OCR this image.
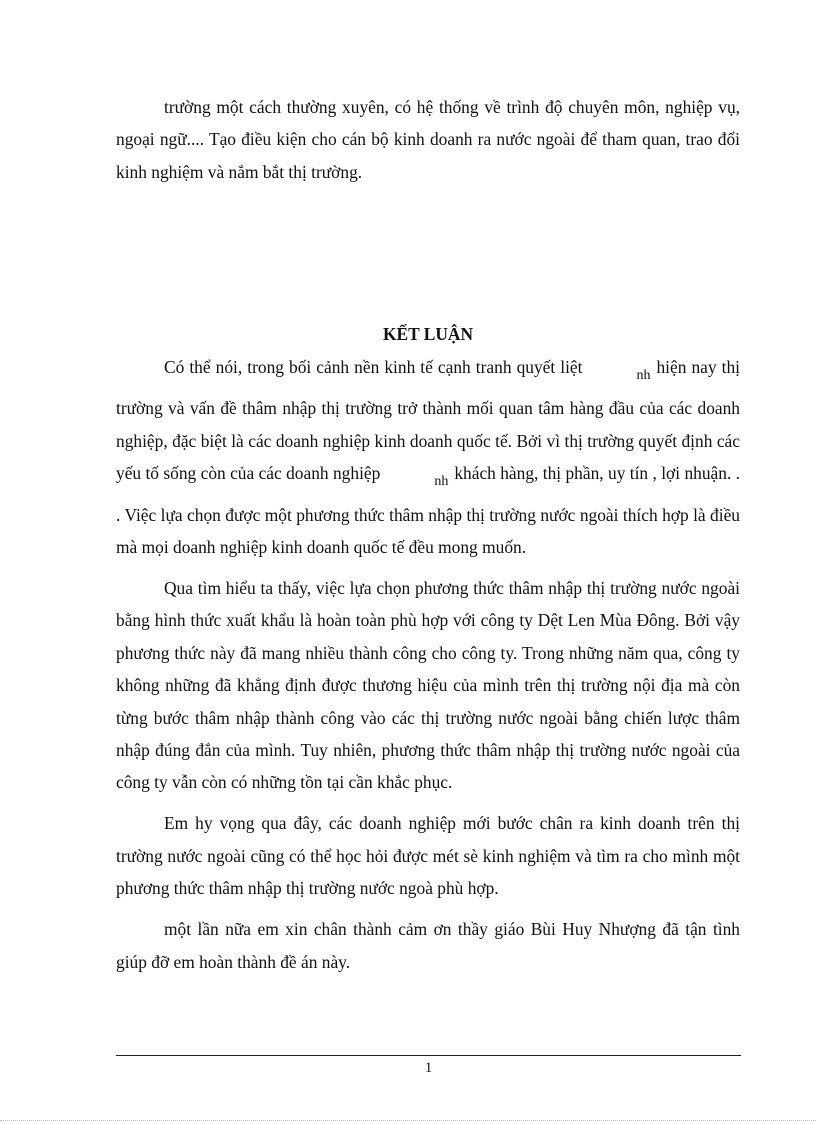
trường một cách thường xuyên, có hệ thống về trình độ chuyên môn, nghiệp vụ, ngoại ngữ.... Tạo điều kiện cho cán bộ kinh doanh ra nước ngoài để tham quan, trao đổi kinh nghiệm và nắm bắt thị trường.

KẾT LUẬN

Có thể nói, trong bối cảnh nền kinh tế cạnh tranh quyết liệt	nh hiện nay thị trường và vấn đề thâm nhập thị trường trở thành mối quan tâm hàng đầu của các doanh nghiệp, đặc biệt là các doanh nghiệp kinh doanh quốc tế. Bởi vì thị trường quyết định các yếu tố sống còn của các doanh nghiệp	nh khách hàng, thị phần, uy tín , lợi nhuận. . . Việc lựa chọn được một phương thức thâm nhập thị trường nước ngoài thích hợp là điều mà mọi doanh nghiệp kinh doanh quốc tế đều mong muốn.

Qua tìm hiểu ta thấy, việc lựa chọn phương thức thâm nhập thị trường nước ngoài bằng hình thức xuất khẩu là hoàn toàn phù hợp với công ty Dệt Len Mùa Đông. Bởi vậy phương thức này đã mang nhiều thành công cho công ty. Trong những năm qua, công ty không những đã khẳng định được thương hiệu của mình trên thị trường nội địa mà còn từng bước thâm nhập thành công vào các thị trường nước ngoài bằng chiến lược thâm nhập đúng đắn của mình. Tuy nhiên, phương thức thâm nhập thị trường nước ngoài của công ty vẫn còn có những tồn tại cần khắc phục.

Em hy vọng qua đây, các doanh nghiệp mới bước chân ra kinh doanh trên thị trường nước ngoài cũng có thể học hỏi được mét sè kinh nghiệm và tìm ra cho mình một phương thức thâm nhập thị trường nước ngoà phù hợp.

một lần nữa em xin chân thành cảm ơn thầy giáo Bùi Huy Nhượng đã tận tình giúp đỡ em hoàn thành đề án này.

1
